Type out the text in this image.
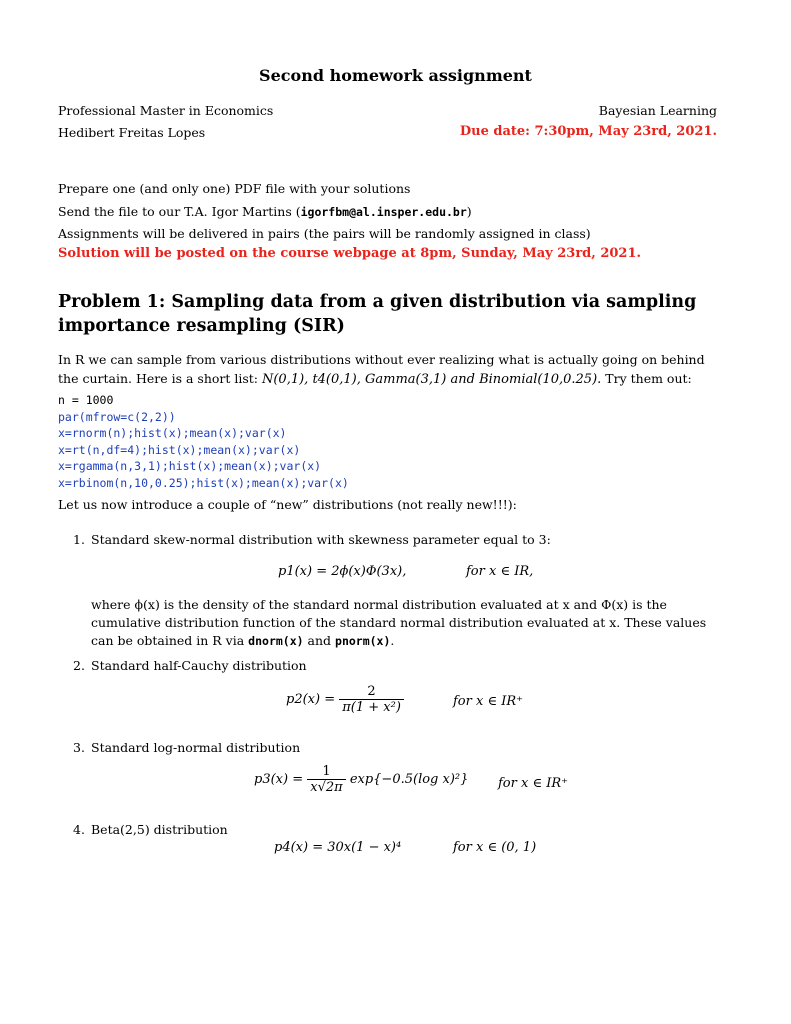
Second homework assignment
Professional Master in Economics	Bayesian Learning
Hedibert Freitas Lopes	Due date: 7:30pm, May 23rd, 2021.
Prepare one (and only one) PDF file with your solutions
Send the file to our T.A. Igor Martins (igorfbm@al.insper.edu.br)
Assignments will be delivered in pairs (the pairs will be randomly assigned in class)
Solution will be posted on the course webpage at 8pm, Sunday, May 23rd, 2021.
Problem 1: Sampling data from a given distribution via sampling importance resampling (SIR)
In R we can sample from various distributions without ever realizing what is actually going on behind the curtain. Here is a short list: N(0,1), t4(0,1), Gamma(3,1) and Binomial(10,0.25). Try them out:
n = 1000
par(mfrow=c(2,2))
x=rnorm(n);hist(x);mean(x);var(x)
x=rt(n,df=4);hist(x);mean(x);var(x)
x=rgamma(n,3,1);hist(x);mean(x);var(x)
x=rbinom(n,10,0.25);hist(x);mean(x);var(x)
Let us now introduce a couple of “new” distributions (not really new!!!):
1. Standard skew-normal distribution with skewness parameter equal to 3:
p1(x) = 2ϕ(x)Φ(3x),	for x ∈ IR,
where ϕ(x) is the density of the standard normal distribution evaluated at x and Φ(x) is the cumulative distribution function of the standard normal distribution evaluated at x. These values can be obtained in R via dnorm(x) and pnorm(x).
2. Standard half-Cauchy distribution
$p2(x) = \frac{2}{\text{π(1 + x²)}}$	for x ∈ IR⁺
3. Standard log-normal distribution
$p3(x) = \frac{1}{x√2\pi} \exp\{-0.5(\log$ x)²} for x ∈ IR⁺
4. Beta(2,5) distribution
p4(x) = 30x(1 − x)⁴	for x ∈ (0, 1)
